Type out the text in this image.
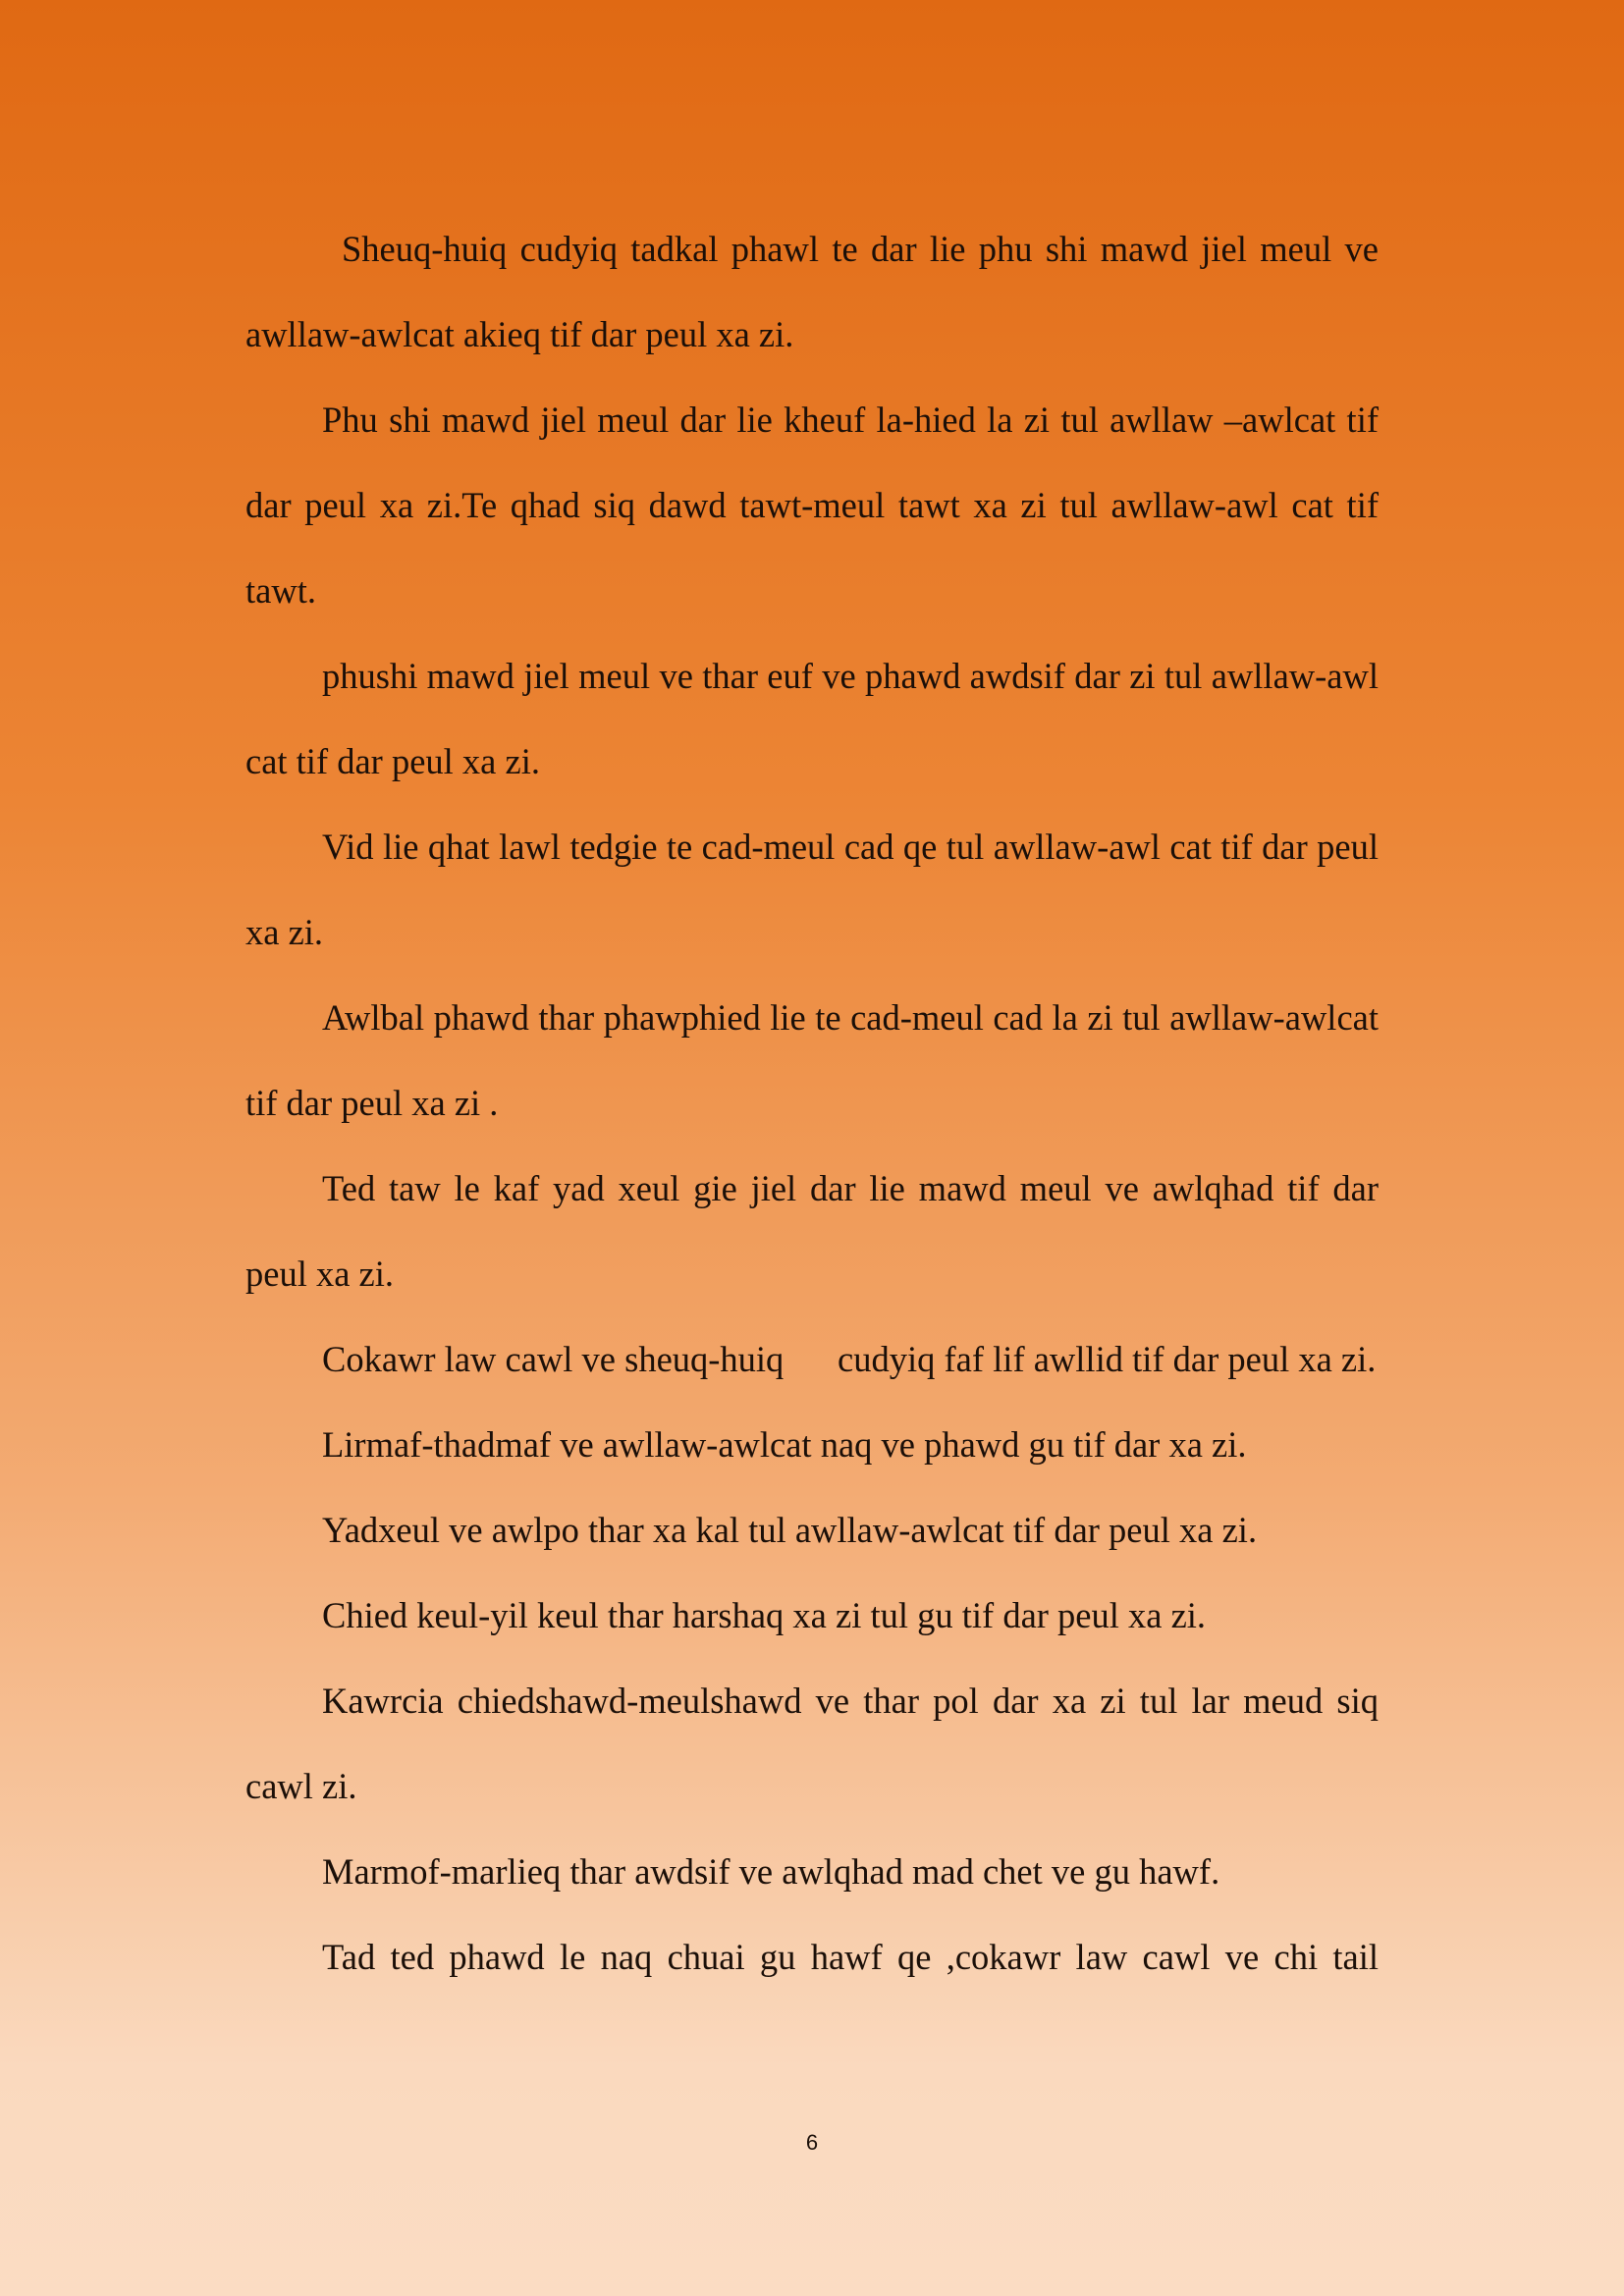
Sheuq-huiq cudyiq tadkal phawl te dar lie phu shi mawd jiel meul ve awllaw-awlcat akieq tif dar peul xa zi.

Phu shi mawd jiel meul dar lie kheuf la-hied la zi tul awllaw –awlcat tif dar peul xa zi.Te qhad siq dawd tawt-meul tawt xa zi tul awllaw-awl cat tif tawt.

phushi mawd jiel meul ve thar euf ve phawd awdsif dar zi tul awllaw-awl cat tif dar peul xa zi.

Vid lie qhat lawl tedgie te cad-meul cad qe tul awllaw-awl cat tif dar peul xa zi.

Awlbal phawd thar phawphied lie te cad-meul cad la zi tul awllaw-awlcat tif dar peul xa zi .

Ted taw le kaf yad xeul gie jiel dar lie mawd meul ve awlqhad tif dar peul xa zi.

Cokawr law cawl ve sheuq-huiq      cudyiq faf lif awllid tif dar peul xa zi.

Lirmaf-thadmaf ve awllaw-awlcat naq ve phawd gu tif dar xa zi.

Yadxeul ve awlpo thar xa kal tul awllaw-awlcat tif dar peul xa zi.

Chied keul-yil keul thar harshaq xa zi tul gu tif dar peul xa zi.

Kawrcia chiedshawd-meulshawd ve thar pol dar xa zi tul lar meud siq cawl zi.

Marmof-marlieq thar awdsif ve awlqhad mad chet ve gu hawf.

Tad ted phawd le naq chuai gu hawf qe ,cokawr law cawl ve chi tail

6
